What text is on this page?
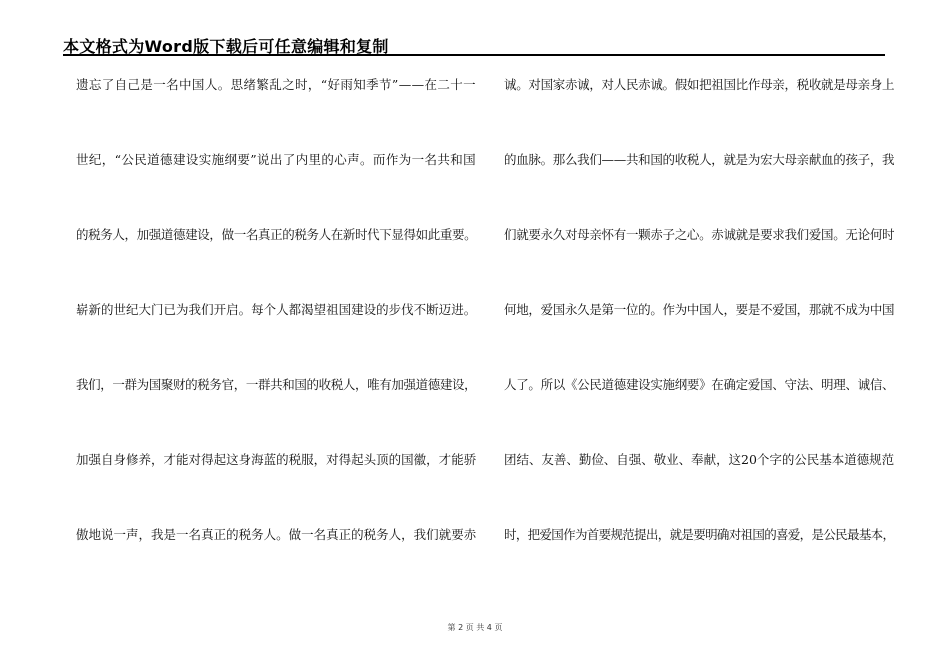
本文格式为Word版下载后可任意编辑和复制
遗忘了自己是一名中国人。思绪繁乱之时，“好雨知季节”——在二十一
世纪，“公民道德建设实施纲要”说出了内里的心声。而作为一名共和国
的税务人，加强道德建设，做一名真正的税务人在新时代下显得如此重要。
崭新的世纪大门已为我们开启。每个人都渴望祖国建设的步伐不断迈进。
我们，一群为国聚财的税务官，一群共和国的收税人，唯有加强道德建设，
加强自身修养，才能对得起这身海蓝的税服，对得起头顶的国徽，才能骄
傲地说一声，我是一名真正的税务人。做一名真正的税务人，我们就要赤
诚。对国家赤诚，对人民赤诚。假如把祖国比作母亲，税收就是母亲身上
的血脉。那么我们——共和国的收税人，就是为宏大母亲献血的孩子，我
们就要永久对母亲怀有一颗赤子之心。赤诚就是要求我们爱国。无论何时
何地，爱国永久是第一位的。作为中国人，要是不爱国，那就不成为中国
人了。所以《公民道德建设实施纲要》在确定爱国、守法、明理、诚信、
团结、友善、勤俭、自强、敬业、奉献，这20个字的公民基本道德规范
时，把爱国作为首要规范提出，就是要明确对祖国的喜爱，是公民最基本，
第 2 页 共 4 页
